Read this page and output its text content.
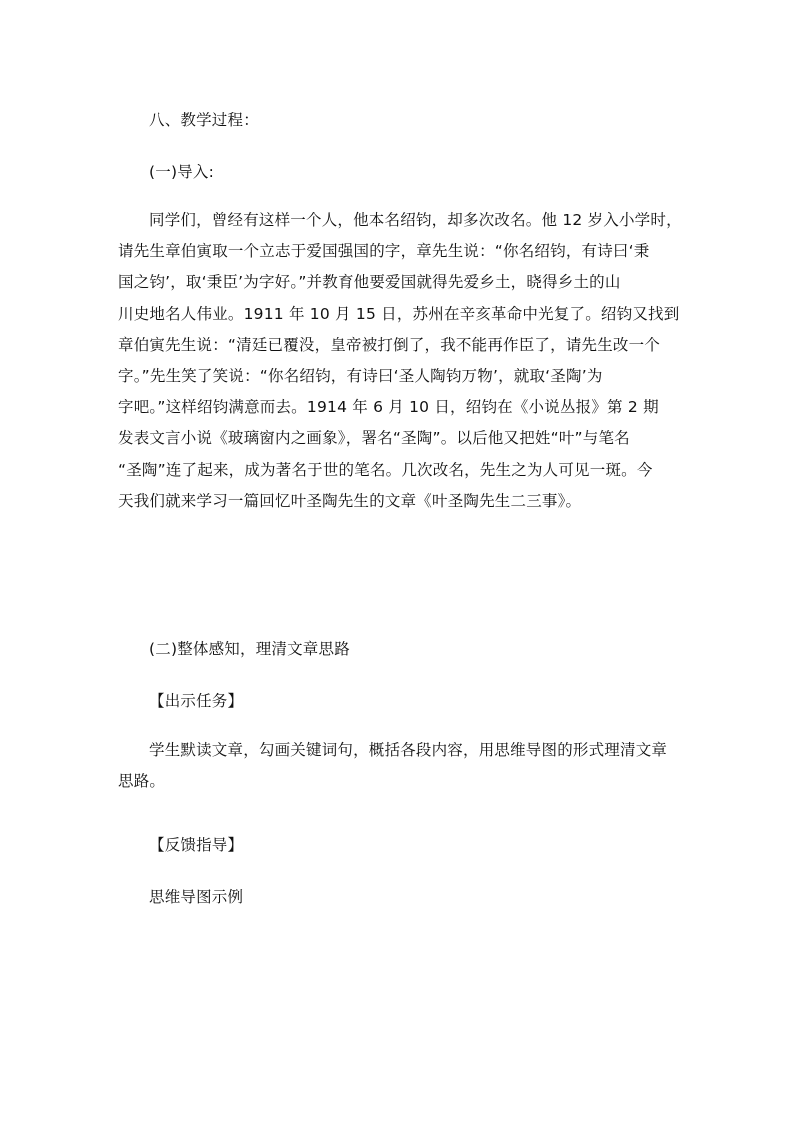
八、教学过程：
(一)导入:
同学们，曾经有这样一个人，他本名绍钧，却多次改名。他 12 岁入小学时，
请先生章伯寅取一个立志于爱国强国的字，章先生说：“你名绍钧，有诗曰‘秉
国之钧’，取‘秉臣’为字好。”并教育他要爱国就得先爱乡土，晓得乡土的山
川史地名人伟业。1911 年 10 月 15 日，苏州在辛亥革命中光复了。绍钧又找到
章伯寅先生说：“清廷已覆没，皇帝被打倒了，我不能再作臣了，请先生改一个
字。”先生笑了笑说：“你名绍钧，有诗曰‘圣人陶钧万物’，就取‘圣陶’为
字吧。”这样绍钧满意而去。1914 年 6 月 10 日，绍钧在《小说丛报》第 2 期
发表文言小说《玻璃窗内之画象》，署名“圣陶”。以后他又把姓“叶”与笔名
“圣陶”连了起来，成为著名于世的笔名。几次改名，先生之为人可见一斑。今
天我们就来学习一篇回忆叶圣陶先生的文章《叶圣陶先生二三事》。
(二)整体感知，理清文章思路
【出示任务】
学生默读文章，勾画关键词句，概括各段内容，用思维导图的形式理清文章
思路。
【反馈指导】
思维导图示例
